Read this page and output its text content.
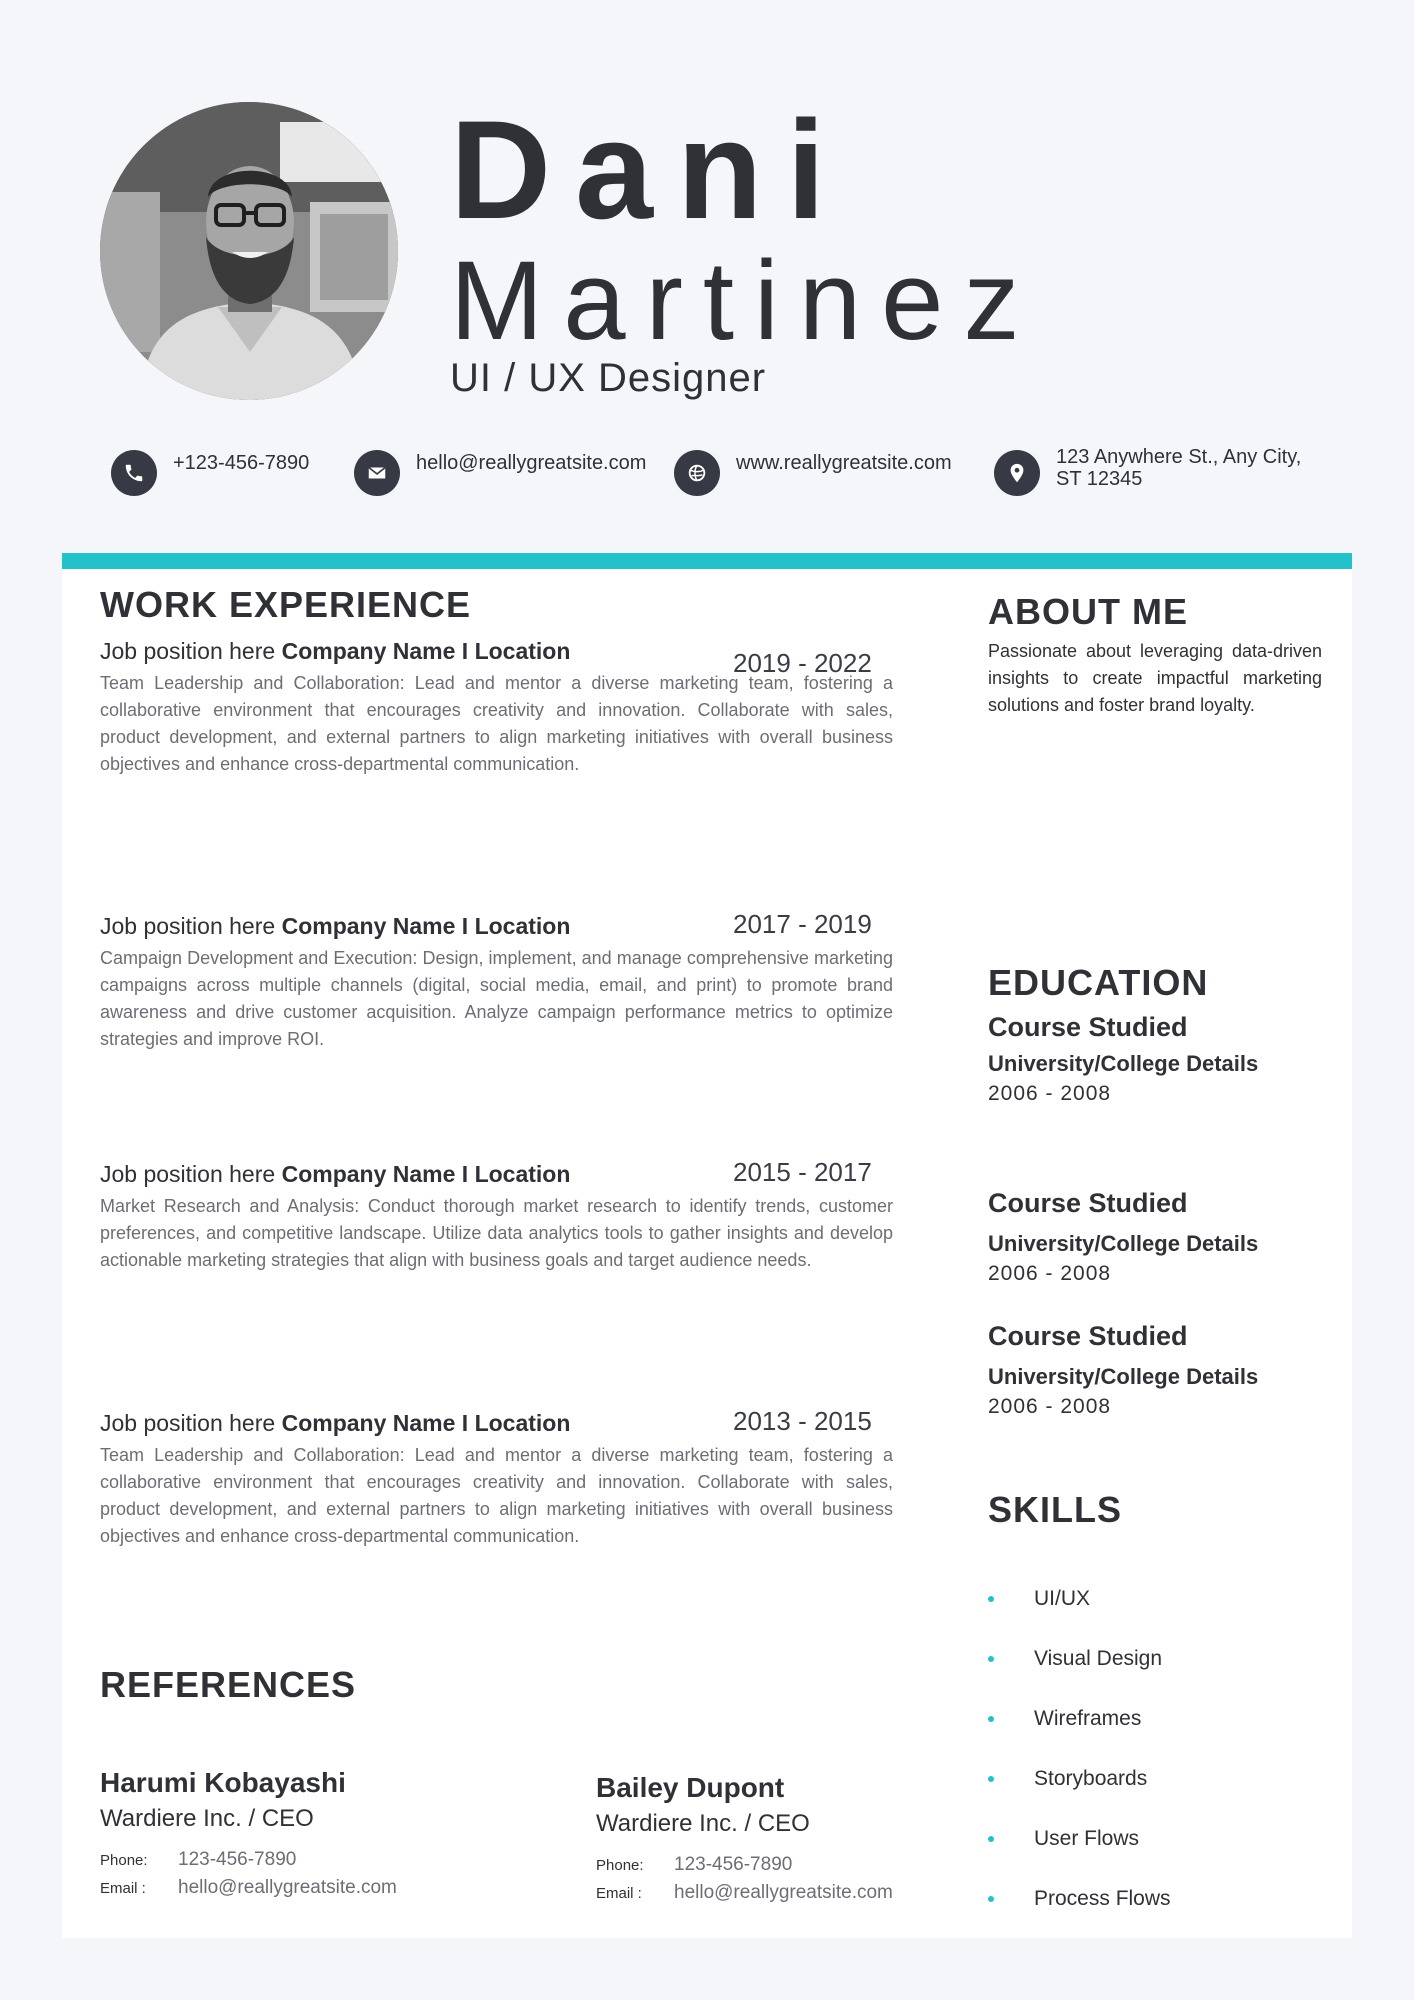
Dani
Martinez
UI / UX Designer
+123-456-7890	hello@reallygreatsite.com	www.reallygreatsite.com	123 Anywhere St., Any City, ST 12345
WORK EXPERIENCE
Job position here Company Name I Location	2019 - 2022
Team Leadership and Collaboration: Lead and mentor a diverse marketing team, fostering a collaborative environment that encourages creativity and innovation. Collaborate with sales, product development, and external partners to align marketing initiatives with overall business objectives and enhance cross-departmental communication.
Job position here Company Name I Location	2017 - 2019
Campaign Development and Execution: Design, implement, and manage comprehensive marketing campaigns across multiple channels (digital, social media, email, and print) to promote brand awareness and drive customer acquisition. Analyze campaign performance metrics to optimize strategies and improve ROI.
Job position here Company Name I Location	2015 - 2017
Market Research and Analysis: Conduct thorough market research to identify trends, customer preferences, and competitive landscape. Utilize data analytics tools to gather insights and develop actionable marketing strategies that align with business goals and target audience needs.
Job position here Company Name I Location	2013 - 2015
Team Leadership and Collaboration: Lead and mentor a diverse marketing team, fostering a collaborative environment that encourages creativity and innovation. Collaborate with sales, product development, and external partners to align marketing initiatives with overall business objectives and enhance cross-departmental communication.
ABOUT ME
Passionate about leveraging data-driven insights to create impactful marketing solutions and foster brand loyalty.
EDUCATION
Course Studied
University/College Details
2006 - 2008
Course Studied
University/College Details
2006 - 2008
Course Studied
University/College Details
2006 - 2008
SKILLS
UI/UX
Visual Design
Wireframes
Storyboards
User Flows
Process Flows
REFERENCES
Harumi Kobayashi
Wardiere Inc. / CEO
Phone:	123-456-7890
Email :	hello@reallygreatsite.com
Bailey Dupont
Wardiere Inc. / CEO
Phone:	123-456-7890
Email :	hello@reallygreatsite.com
